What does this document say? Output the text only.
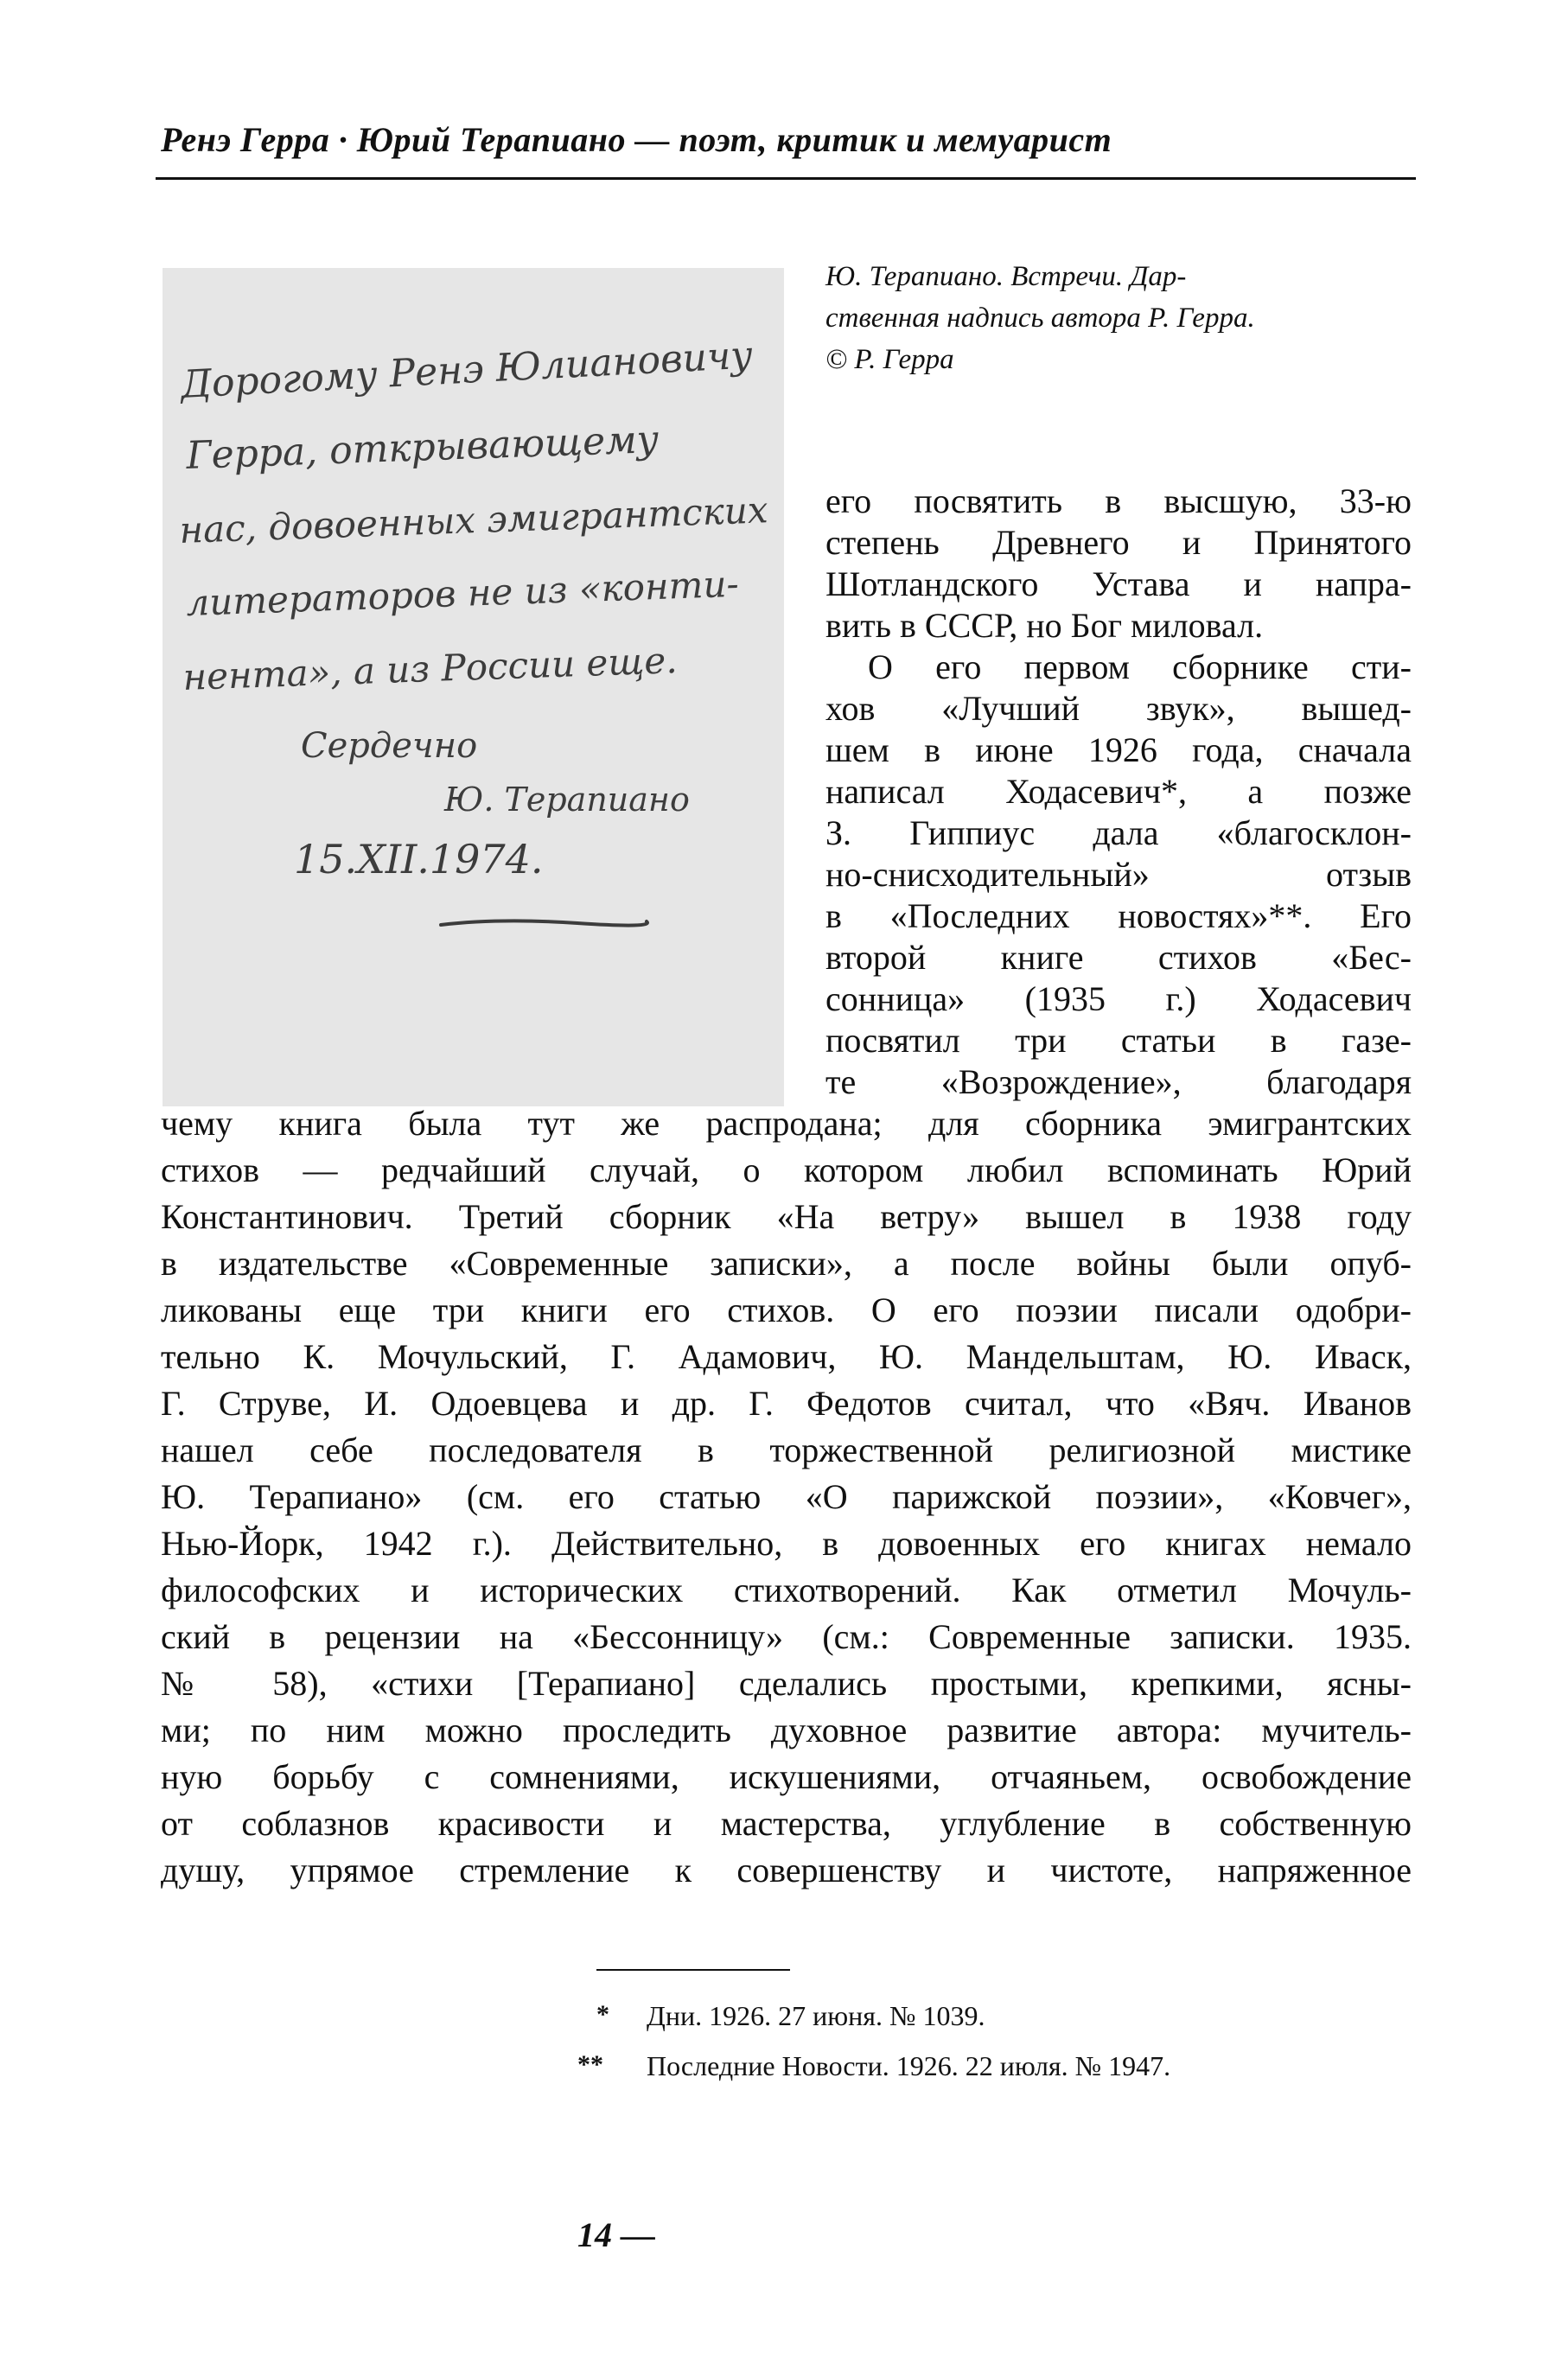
Ренэ Герра · Юрий Терапиано — поэт, критик и мемуарист
Дорогому Ренэ Юлиановичу
Герра, открывающему
нас, довоенных эмигрантских
литераторов не из «конти-
нента», а из России еще.
Сердечно
Ю. Терапиано
15.XII.1974.
Ю. Терапиано. Встречи. Дар-
ственная надпись автора Р. Герра.
© Р. Герра
его посвятить в высшую, 33-ю
степень Древнего и Принятого
Шотландского Устава и напра-
вить в СССР, но Бог миловал.
О его первом сборнике сти-
хов «Лучший звук», вышед-
шем в июне 1926 года, сначала
написал Ходасевич*, а позже
З. Гиппиус дала «благосклон-
но-снисходительный» отзыв
в «Последних новостях»**. Его
второй книге стихов «Бес-
сонница» (1935 г.) Ходасевич
посвятил три статьи в газе-
те «Возрождение», благодаря
чему книга была тут же распродана; для сборника эмигрантских
стихов — редчайший случай, о котором любил вспоминать Юрий
Константинович. Третий сборник «На ветру» вышел в 1938 году
в издательстве «Современные записки», а после войны были опуб-
ликованы еще три книги его стихов. О его поэзии писали одобри-
тельно К. Мочульский, Г. Адамович, Ю. Мандельштам, Ю. Иваск,
Г. Струве, И. Одоевцева и др. Г. Федотов считал, что «Вяч. Иванов
нашел себе последователя в торжественной религиозной мистике
Ю. Терапиано» (см. его статью «О парижской поэзии», «Ковчег»,
Нью-Йорк, 1942 г.). Действительно, в довоенных его книгах немало
философских и исторических стихотворений. Как отметил Мочуль-
ский в рецензии на «Бессонницу» (см.: Современные записки. 1935.
№ 58), «стихи [Терапиано] сделались простыми, крепкими, ясны-
ми; по ним можно проследить духовное развитие автора: мучитель-
ную борьбу с сомнениями, искушениями, отчаяньем, освобождение
от соблазнов красивости и мастерства, углубление в собственную
душу, упрямое стремление к совершенству и чистоте, напряженное
* Дни. 1926. 27 июня. № 1039.
** Последние Новости. 1926. 22 июля. № 1947.
14 —
